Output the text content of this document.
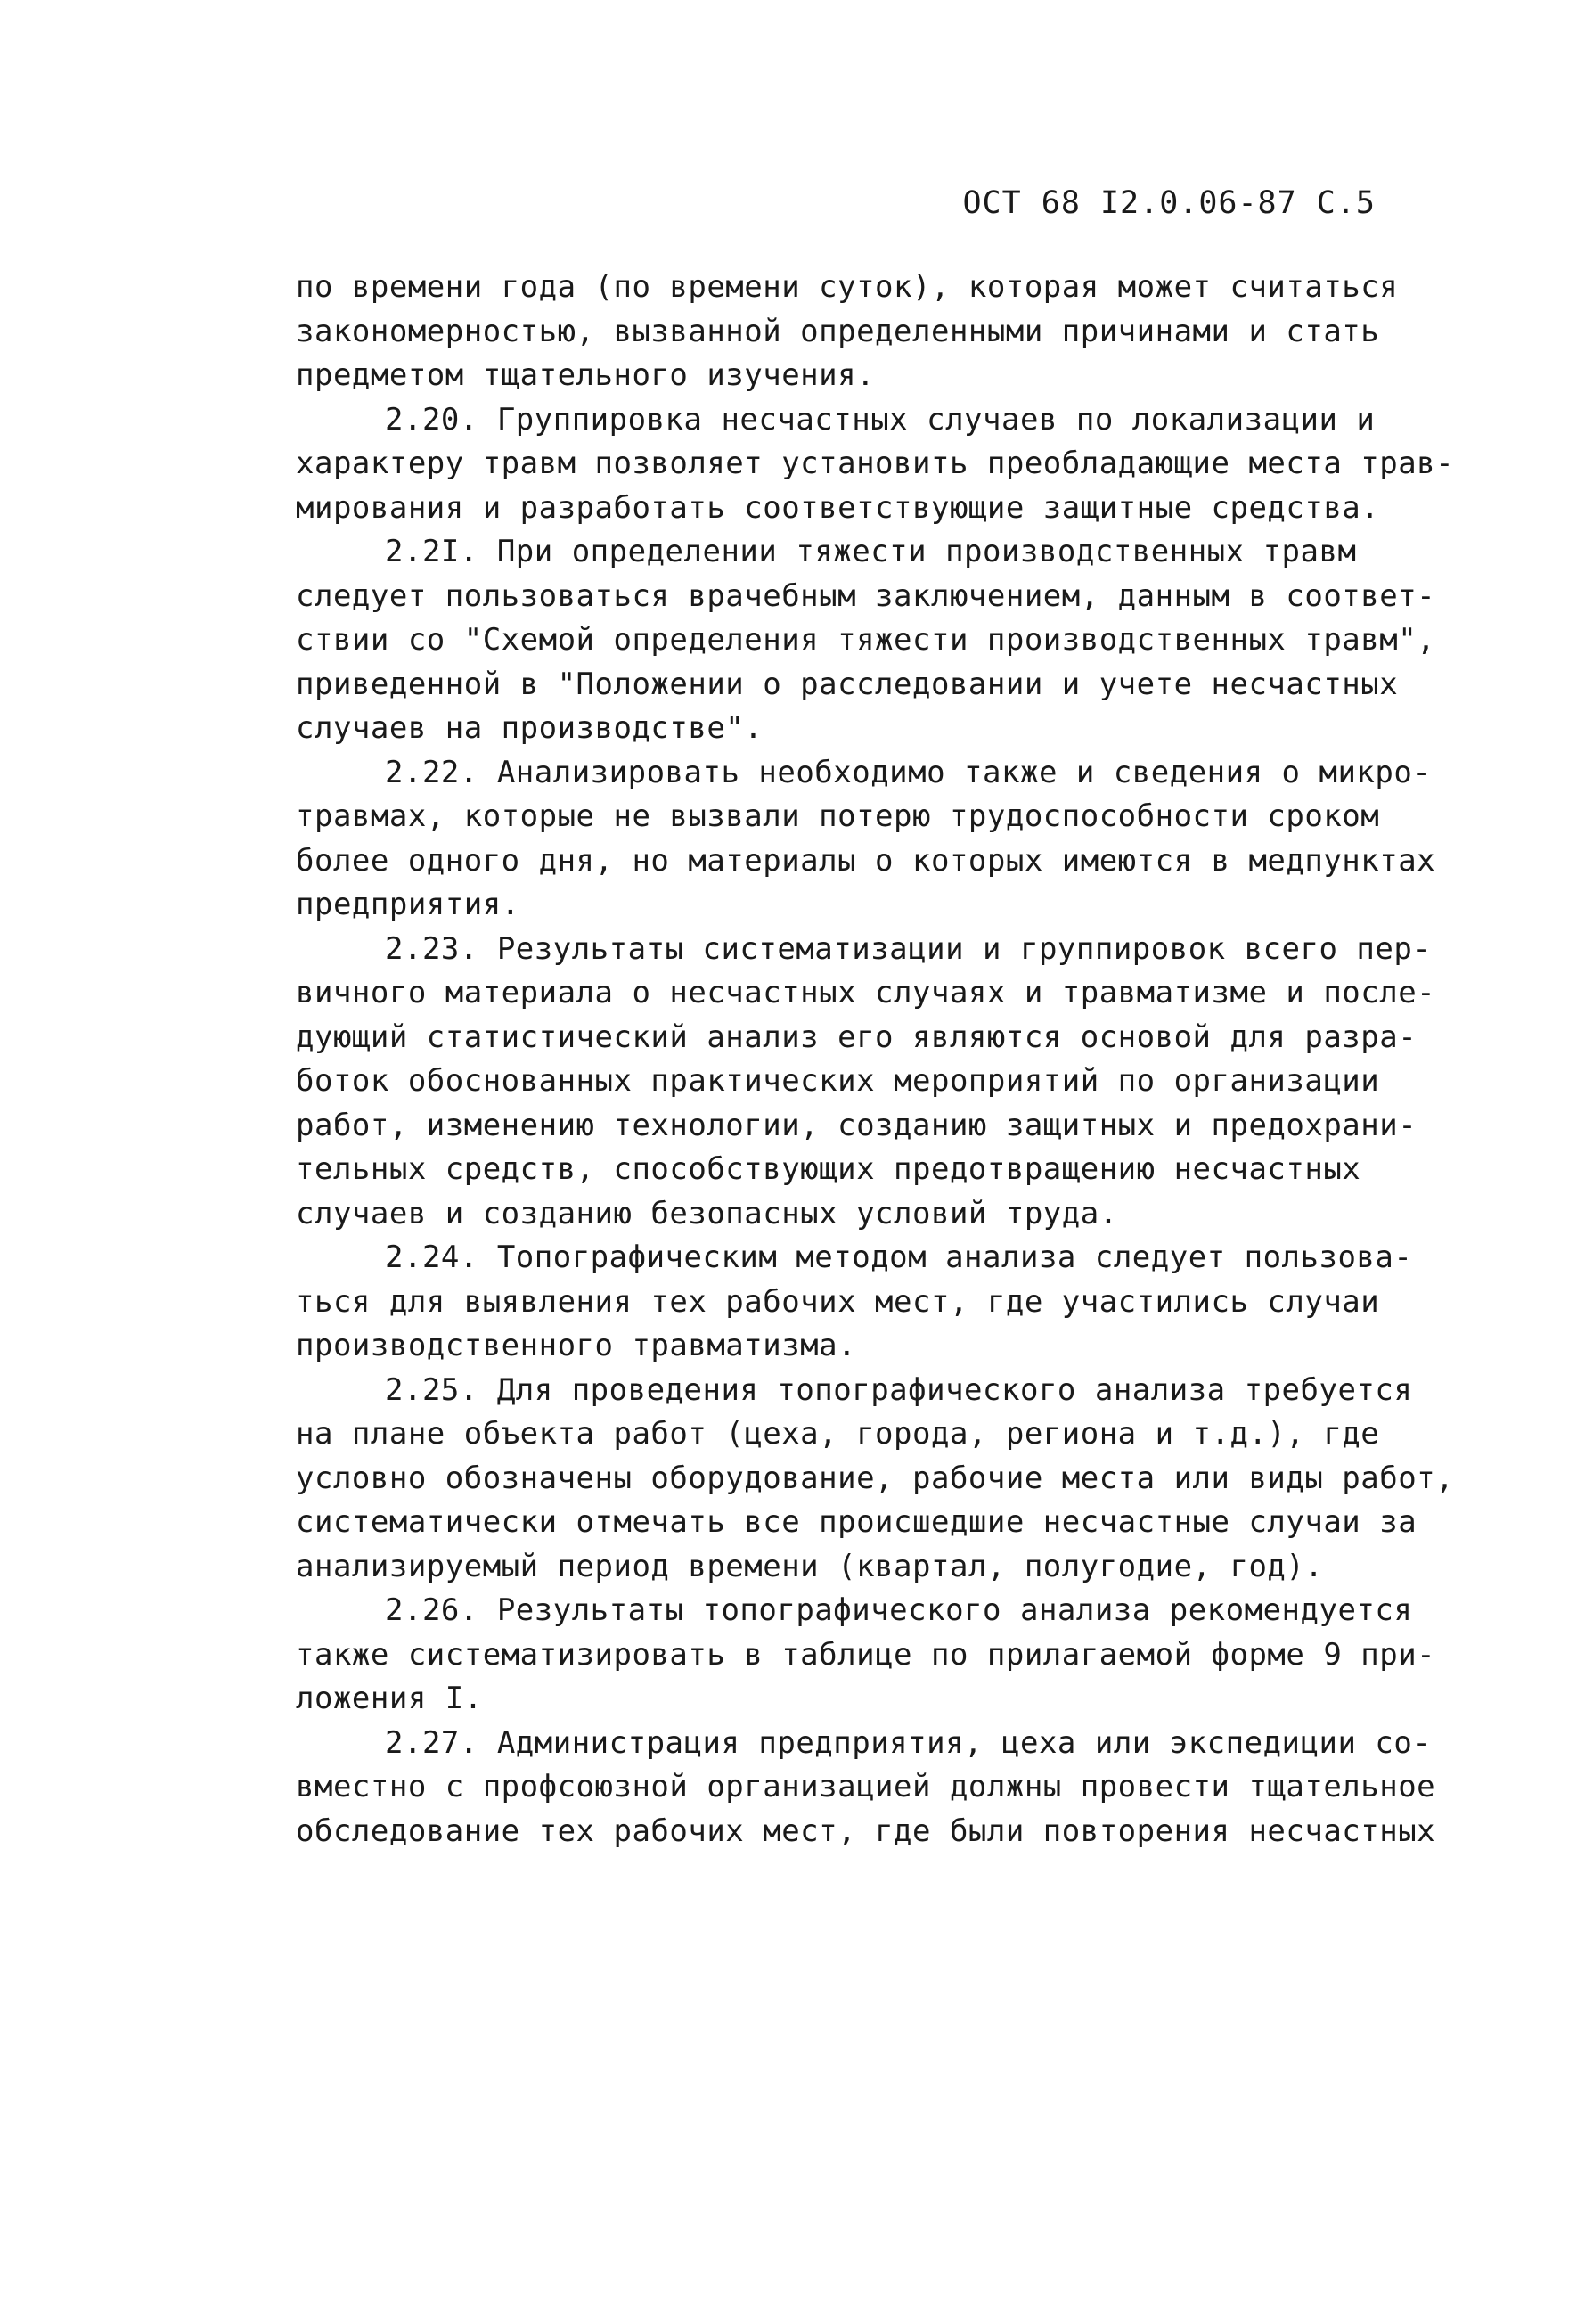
ОСТ 68 I2.0.06-87 С.5
по времени года (по времени суток), которая может считаться
закономерностью, вызванной определенными причинами и стать
предметом тщательного изучения.
2.20. Группировка несчастных случаев по локализации и
характеру травм позволяет установить преобладающие места трав-
мирования и разработать соответствующие защитные средства.
2.2I. При определении тяжести производственных травм
следует пользоваться врачебным заключением, данным в соответ-
ствии со "Схемой определения тяжести производственных травм",
приведенной в "Положении о расследовании и учете несчастных
случаев на производстве".
2.22. Анализировать необходимо также и сведения о микро-
травмах, которые не вызвали потерю трудоспособности сроком
более одного дня, но материалы о которых имеются в медпунктах
предприятия.
2.23. Результаты систематизации и группировок всего пер-
вичного материала о несчастных случаях и травматизме и после-
дующий статистический анализ его являются основой для разра-
боток обоснованных практических мероприятий по организации
работ, изменению технологии, созданию защитных и предохрани-
тельных средств, способствующих предотвращению несчастных
случаев и созданию безопасных условий труда.
2.24. Топографическим методом анализа следует пользова-
ться для выявления тех рабочих мест, где участились случаи
производственного травматизма.
2.25. Для проведения топографического анализа требуется
на плане объекта работ (цеха, города, региона и т.д.), где
условно обозначены оборудование, рабочие места или виды работ,
систематически отмечать все происшедшие несчастные случаи за
анализируемый период времени (квартал, полугодие, год).
2.26. Результаты топографического анализа рекомендуется
также систематизировать в таблице по прилагаемой форме 9 при-
ложения I.
2.27. Администрация предприятия, цеха или экспедиции со-
вместно с профсоюзной организацией должны провести тщательное
обследование тех рабочих мест, где были повторения несчастных
